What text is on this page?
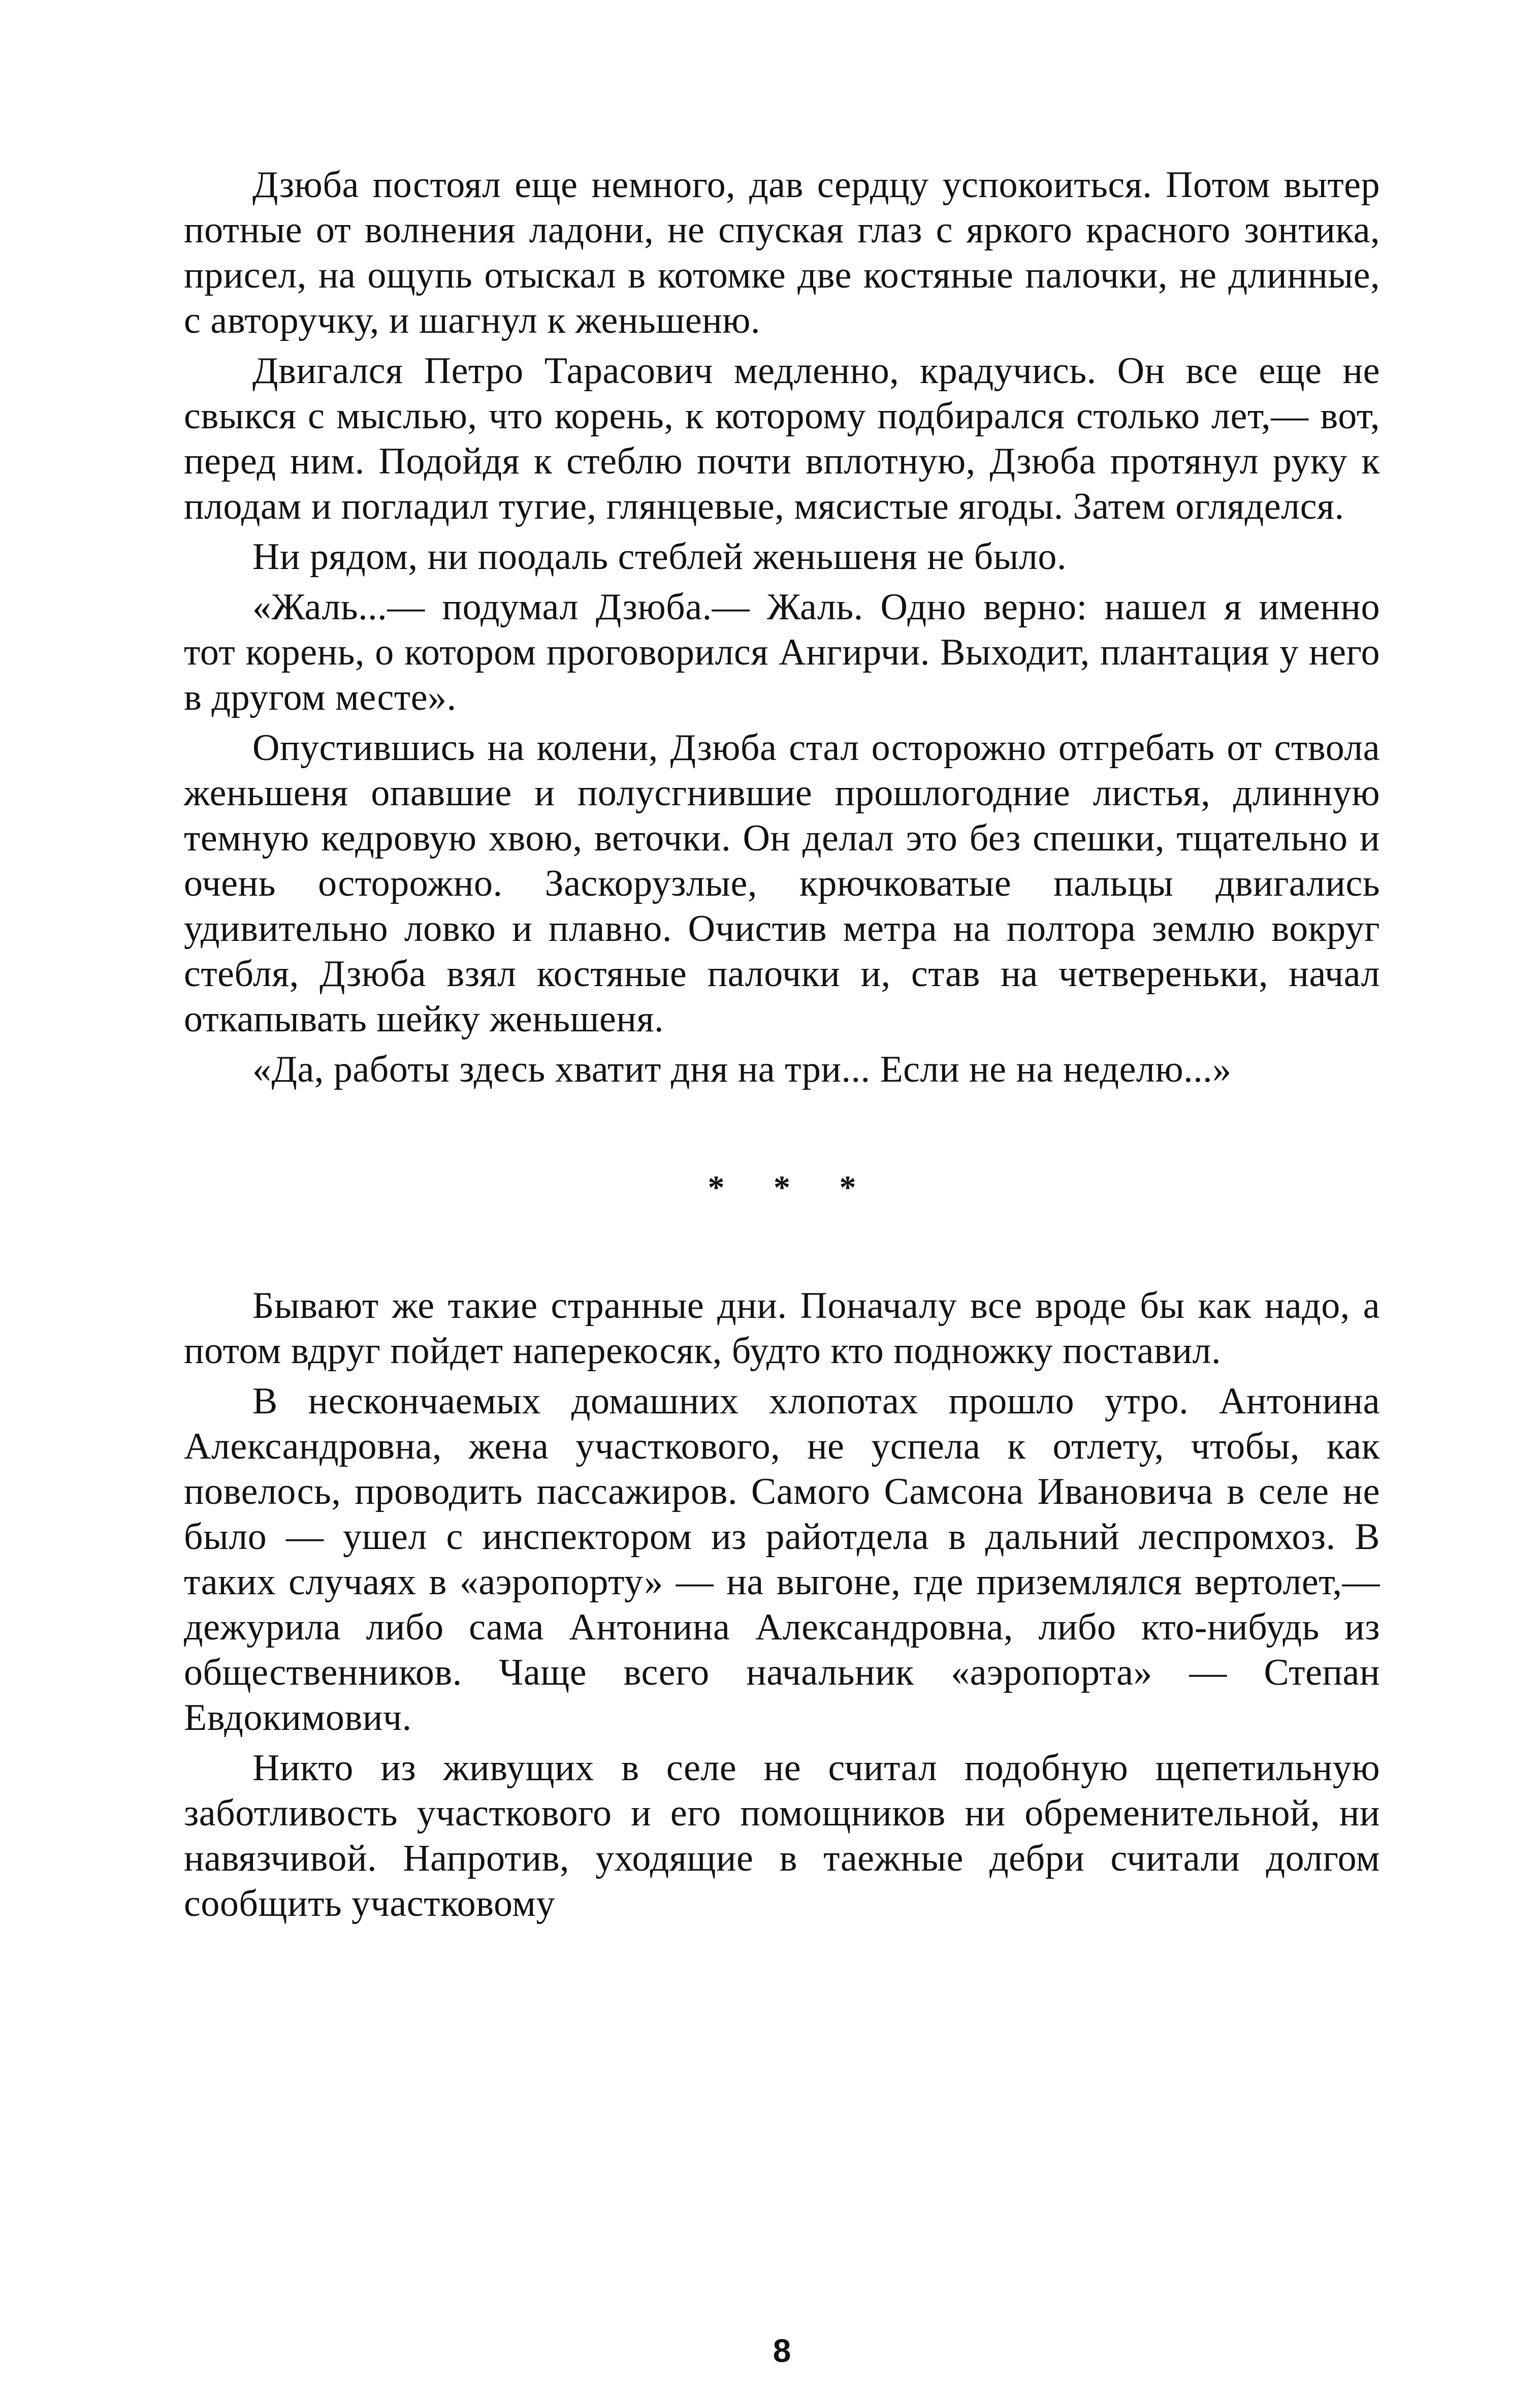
Дзюба постоял еще немного, дав сердцу успокоиться. Потом вытер потные от волнения ладони, не спуская глаз с яркого красного зонтика, присел, на ощупь отыскал в котомке две костяные палочки, не длинные, с авторучку, и шагнул к женьшеню.

Двигался Петро Тарасович медленно, крадучись. Он все еще не свыкся с мыслью, что корень, к которому подбирался столько лет,— вот, перед ним. Подойдя к стеблю почти вплотную, Дзюба протянул руку к плодам и погладил тугие, глянцевые, мясистые ягоды. Затем огляделся.

Ни рядом, ни поодаль стеблей женьшеня не было.

«Жаль...— подумал Дзюба.— Жаль. Одно верно: нашел я именно тот корень, о котором проговорился Ангирчи. Выходит, плантация у него в другом месте».

Опустившись на колени, Дзюба стал осторожно отгребать от ствола женьшеня опавшие и полусгнившие прошлогодние листья, длинную темную кедровую хвою, веточки. Он делал это без спешки, тщательно и очень осторожно. Заскорузлые, крючковатые пальцы двигались удивительно ловко и плавно. Очистив метра на полтора землю вокруг стебля, Дзюба взял костяные палочки и, став на четвереньки, начал откапывать шейку женьшеня.

«Да, работы здесь хватит дня на три... Если не на неделю...»

* * *

Бывают же такие странные дни. Поначалу все вроде бы как надо, а потом вдруг пойдет наперекосяк, будто кто подножку поставил.

В нескончаемых домашних хлопотах прошло утро. Антонина Александровна, жена участкового, не успела к отлету, чтобы, как повелось, проводить пассажиров. Самого Самсона Ивановича в селе не было — ушел с инспектором из райотдела в дальний леспромхоз. В таких случаях в «аэропорту» — на выгоне, где приземлялся вертолет,— дежурила либо сама Антонина Александровна, либо кто-нибудь из общественников. Чаще всего начальник «аэропорта» — Степан Евдокимович.

Никто из живущих в селе не считал подобную щепетильную заботливость участкового и его помощников ни обременительной, ни навязчивой. Напротив, уходящие в таежные дебри считали долгом сообщить участковому

8
